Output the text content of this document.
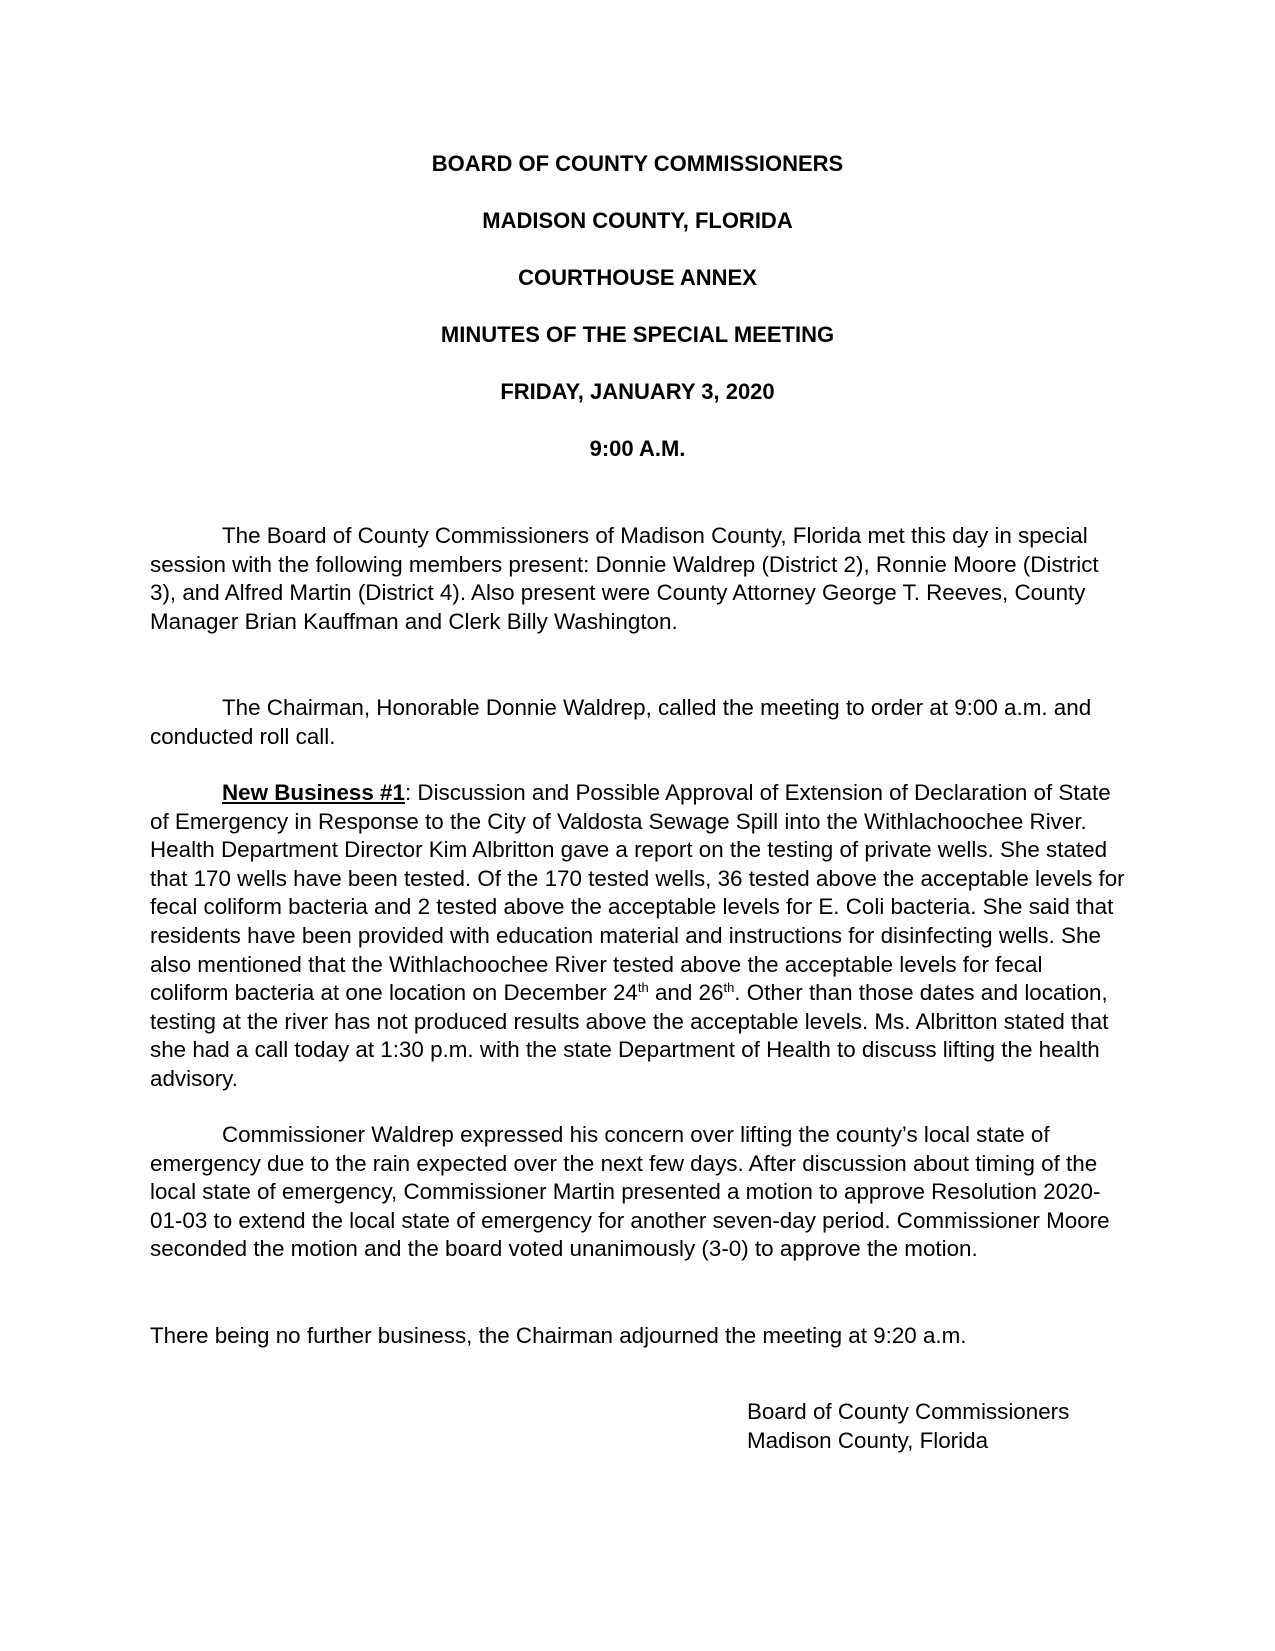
BOARD OF COUNTY COMMISSIONERS

MADISON COUNTY, FLORIDA

COURTHOUSE ANNEX

MINUTES OF THE SPECIAL MEETING

FRIDAY, JANUARY 3, 2020

9:00 A.M.

The Board of County Commissioners of Madison County, Florida met this day in special session with the following members present: Donnie Waldrep (District 2), Ronnie Moore (District 3), and Alfred Martin (District 4). Also present were County Attorney George T. Reeves, County Manager Brian Kauffman and Clerk Billy Washington.

The Chairman, Honorable Donnie Waldrep, called the meeting to order at 9:00 a.m. and conducted roll call.

New Business #1: Discussion and Possible Approval of Extension of Declaration of State of Emergency in Response to the City of Valdosta Sewage Spill into the Withlachoochee River. Health Department Director Kim Albritton gave a report on the testing of private wells. She stated that 170 wells have been tested. Of the 170 tested wells, 36 tested above the acceptable levels for fecal coliform bacteria and 2 tested above the acceptable levels for E. Coli bacteria. She said that residents have been provided with education material and instructions for disinfecting wells. She also mentioned that the Withlachoochee River tested above the acceptable levels for fecal coliform bacteria at one location on December 24th and 26th. Other than those dates and location, testing at the river has not produced results above the acceptable levels. Ms. Albritton stated that she had a call today at 1:30 p.m. with the state Department of Health to discuss lifting the health advisory.

Commissioner Waldrep expressed his concern over lifting the county’s local state of emergency due to the rain expected over the next few days. After discussion about timing of the local state of emergency, Commissioner Martin presented a motion to approve Resolution 2020-01-03 to extend the local state of emergency for another seven-day period. Commissioner Moore seconded the motion and the board voted unanimously (3-0) to approve the motion.

There being no further business, the Chairman adjourned the meeting at 9:20 a.m.

Board of County Commissioners
Madison County, Florida
